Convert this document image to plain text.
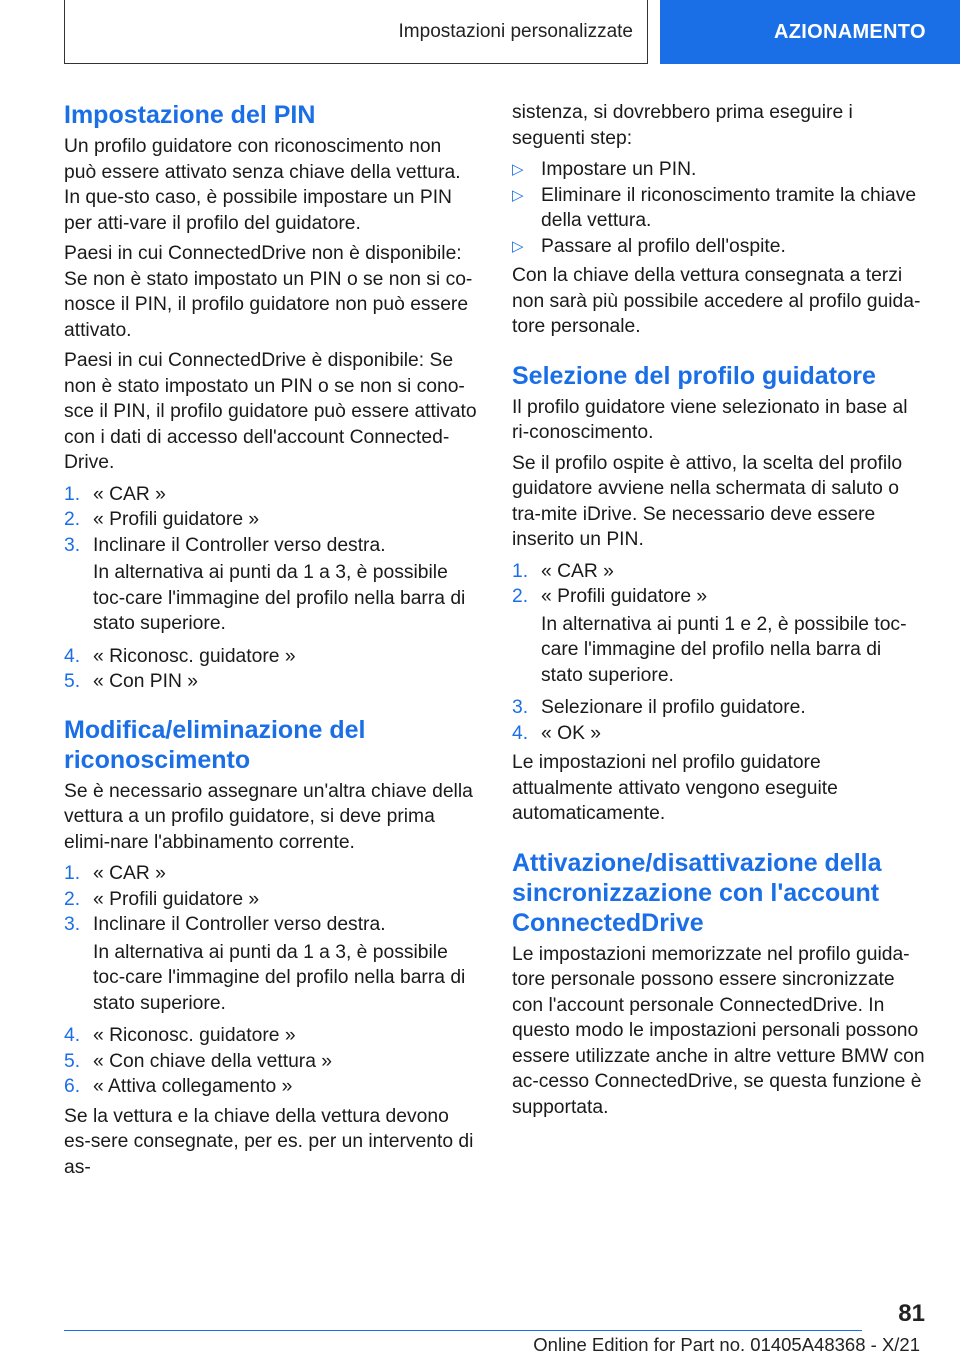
Impostazioni personalizzate	AZIONAMENTO
Impostazione del PIN

Un profilo guidatore con riconoscimento non può essere attivato senza chiave della vettura. In que-sto caso, è possibile impostare un PIN per atti-vare il profilo del guidatore.

Paesi in cui ConnectedDrive non è disponibile: Se non è stato impostato un PIN o se non si co-nosce il PIN, il profilo guidatore non può essere attivato.

Paesi in cui ConnectedDrive è disponibile: Se non è stato impostato un PIN o se non si cono-sce il PIN, il profilo guidatore può essere attivato con i dati di accesso dell'account Connected-Drive.

1. « CAR »
2. « Profili guidatore »
3. Inclinare il Controller verso destra.
In alternativa ai punti da 1 a 3, è possibile toc-care l'immagine del profilo nella barra di stato superiore.
4. « Riconosc. guidatore »
5. « Con PIN »
Modifica/eliminazione del riconoscimento

Se è necessario assegnare un'altra chiave della vettura a un profilo guidatore, si deve prima elimi-nare l'abbinamento corrente.

1. « CAR »
2. « Profili guidatore »
3. Inclinare il Controller verso destra.
In alternativa ai punti da 1 a 3, è possibile toc-care l'immagine del profilo nella barra di stato superiore.
4. « Riconosc. guidatore »
5. « Con chiave della vettura »
6. « Attiva collegamento »

Se la vettura e la chiave della vettura devono es-sere consegnate, per es. per un intervento di as-

sistenza, si dovrebbero prima eseguire i seguenti step:

▷ Impostare un PIN.
▷ Eliminare il riconoscimento tramite la chiave della vettura.
▷ Passare al profilo dell'ospite.

Con la chiave della vettura consegnata a terzi non sarà più possibile accedere al profilo guida-tore personale.

Selezione del profilo guidatore

Il profilo guidatore viene selezionato in base al ri-conoscimento.

Se il profilo ospite è attivo, la scelta del profilo guidatore avviene nella schermata di saluto o tra-mite iDrive. Se necessario deve essere inserito un PIN.

1. « CAR »
2. « Profili guidatore »
In alternativa ai punti 1 e 2, è possibile toc-care l'immagine del profilo nella barra di stato superiore.
3. Selezionare il profilo guidatore.
4. « OK »

Le impostazioni nel profilo guidatore attualmente attivato vengono eseguite automaticamente.

Attivazione/disattivazione della sincronizzazione con l'account ConnectedDrive

Le impostazioni memorizzate nel profilo guida-tore personale possono essere sincronizzate con l'account personale ConnectedDrive. In questo modo le impostazioni personali possono essere utilizzate anche in altre vetture BMW con ac-cesso ConnectedDrive, se questa funzione è supportata.

81
Online Edition for Part no. 01405A48368 - X/21
